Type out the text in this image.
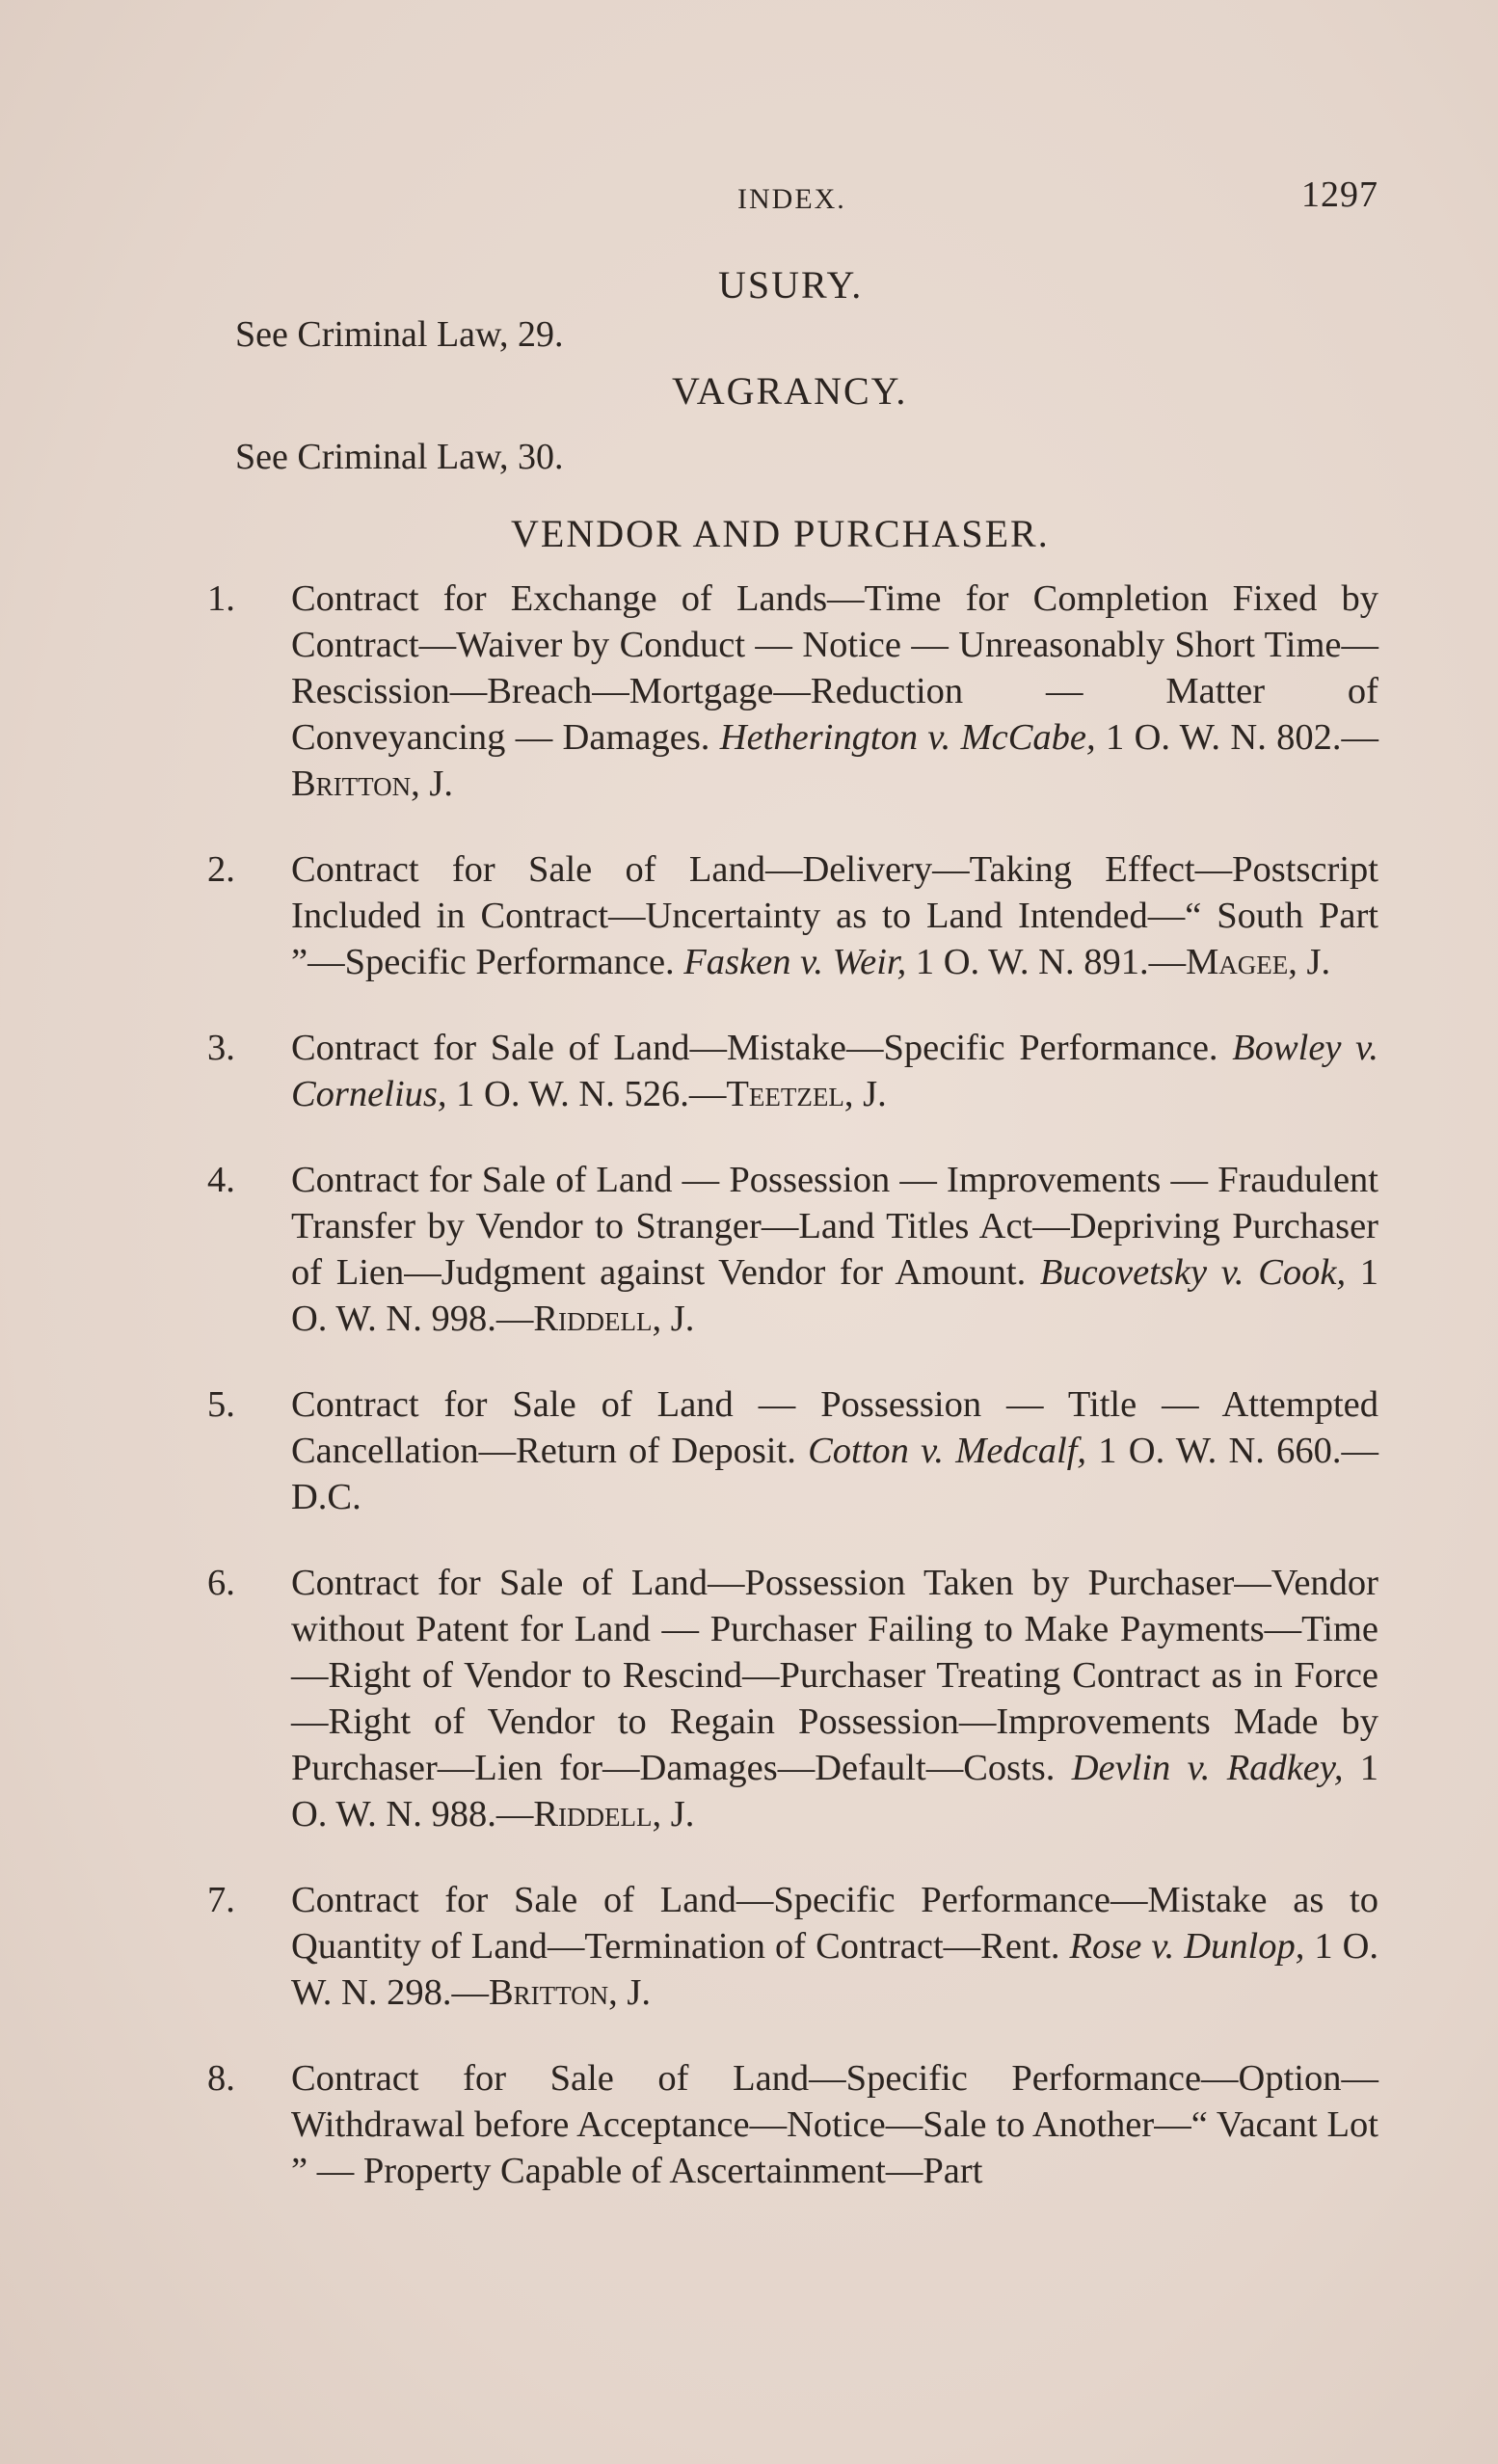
INDEX.	1297
USURY.
See Criminal Law, 29.
VAGRANCY.
See Criminal Law, 30.
VENDOR AND PURCHASER.
1. Contract for Exchange of Lands—Time for Completion Fixed by Contract—Waiver by Conduct — Notice — Unreasonably Short Time—Rescission—Breach—Mortgage—Reduction — Matter of Conveyancing — Damages. Hetherington v. McCabe, 1 O. W. N. 802.—Britton, J.
2. Contract for Sale of Land—Delivery—Taking Effect—Postscript Included in Contract—Uncertainty as to Land Intended—“ South Part ”—Specific Performance. Fasken v. Weir, 1 O. W. N. 891.—Magee, J.
3. Contract for Sale of Land—Mistake—Specific Performance. Bowley v. Cornelius, 1 O. W. N. 526.—Teetzel, J.
4. Contract for Sale of Land — Possession — Improvements — Fraudulent Transfer by Vendor to Stranger—Land Titles Act—Depriving Purchaser of Lien—Judgment against Vendor for Amount. Bucovetsky v. Cook, 1 O. W. N. 998.—Riddell, J.
5. Contract for Sale of Land — Possession — Title — Attempted Cancellation—Return of Deposit. Cotton v. Medcalf, 1 O. W. N. 660.—D.C.
6. Contract for Sale of Land—Possession Taken by Purchaser—Vendor without Patent for Land — Purchaser Failing to Make Payments—Time—Right of Vendor to Rescind—Purchaser Treating Contract as in Force—Right of Vendor to Regain Possession—Improvements Made by Purchaser—Lien for—Damages—Default—Costs. Devlin v. Radkey, 1 O. W. N. 988.—Riddell, J.
7. Contract for Sale of Land—Specific Performance—Mistake as to Quantity of Land—Termination of Contract—Rent. Rose v. Dunlop, 1 O. W. N. 298.—Britton, J.
8. Contract for Sale of Land—Specific Performance—Option—Withdrawal before Acceptance—Notice—Sale to Another—“ Vacant Lot ” — Property Capable of Ascertainment—Part
